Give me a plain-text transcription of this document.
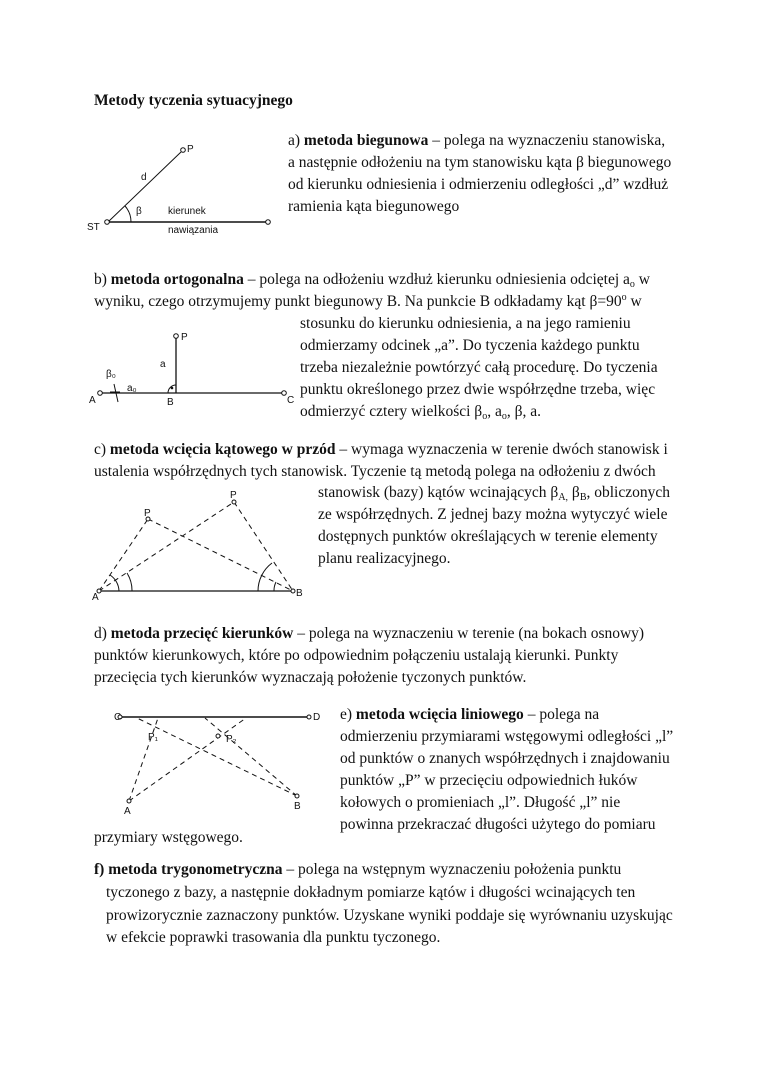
Metody tyczenia sytuacyjnego
a) metoda biegunowa – polega na wyznaczeniu stanowiska,
a następnie odłożeniu na tym stanowisku kąta β biegunowego
od kierunku odniesienia i odmierzeniu odległości „d” wzdłuż
ramienia kąta biegunowego
b) metoda ortogonalna – polega na odłożeniu wzdłuż kierunku odniesienia odciętej $a_o$ w
wyniku, czego otrzymujemy punkt biegunowy B. Na punkcie B odkładamy kąt $\beta=90^o$ w
stosunku do kierunku odniesienia, a na jego ramieniu
odmierzamy odcinek „a”. Do tyczenia każdego punktu
trzeba niezależnie powtórzyć całą procedurę. Do tyczenia
punktu określonego przez dwie współrzędne trzeba, więc
odmierzyć cztery wielkości $\beta_o$, $a_o$, β, a.
c) metoda wcięcia kątowego w przód – wymaga wyznaczenia w terenie dwóch stanowisk i
ustalenia współrzędnych tych stanowisk. Tyczenie tą metodą polega na odłożeniu z dwóch
stanowisk (bazy) kątów wcinających $\beta_{A,}$ $\beta_B$, obliczonych
ze współrzędnych. Z jednej bazy można wytyczyć wiele
dostępnych punktów określających w terenie elementy
planu realizacyjnego.
d) metoda przecięć kierunków – polega na wyznaczeniu w terenie (na bokach osnowy)
punktów kierunkowych, które po odpowiednim połączeniu ustalają kierunki. Punkty
przecięcia tych kierunków wyznaczają położenie tyczonych punktów.
e) metoda wcięcia liniowego – polega na
odmierzeniu przymiarami wstęgowymi odległości „l”
od punktów o znanych współrzędnych i znajdowaniu
punktów „P” w przecięciu odpowiednich łuków
kołowych o promieniach „l”. Długość „l” nie
powinna przekraczać długości użytego do pomiaru
przymiary wstęgowego.
f) metoda trygonometryczna – polega na wstępnym wyznaczeniu położenia punktu
tyczonego z bazy, a następnie dokładnym pomiarze kątów i długości wcinających ten
prowizorycznie zaznaczony punktów. Uzyskane wyniki poddaje się wyrównaniu uzyskując
w efekcie poprawki trasowania dla punktu tyczonego.
ST
P
d
β	kierunek
nawiązania
A	B	C
P
a
a₀
β₀
A	B
P
P
C	D
A	B
P₁	P₂
